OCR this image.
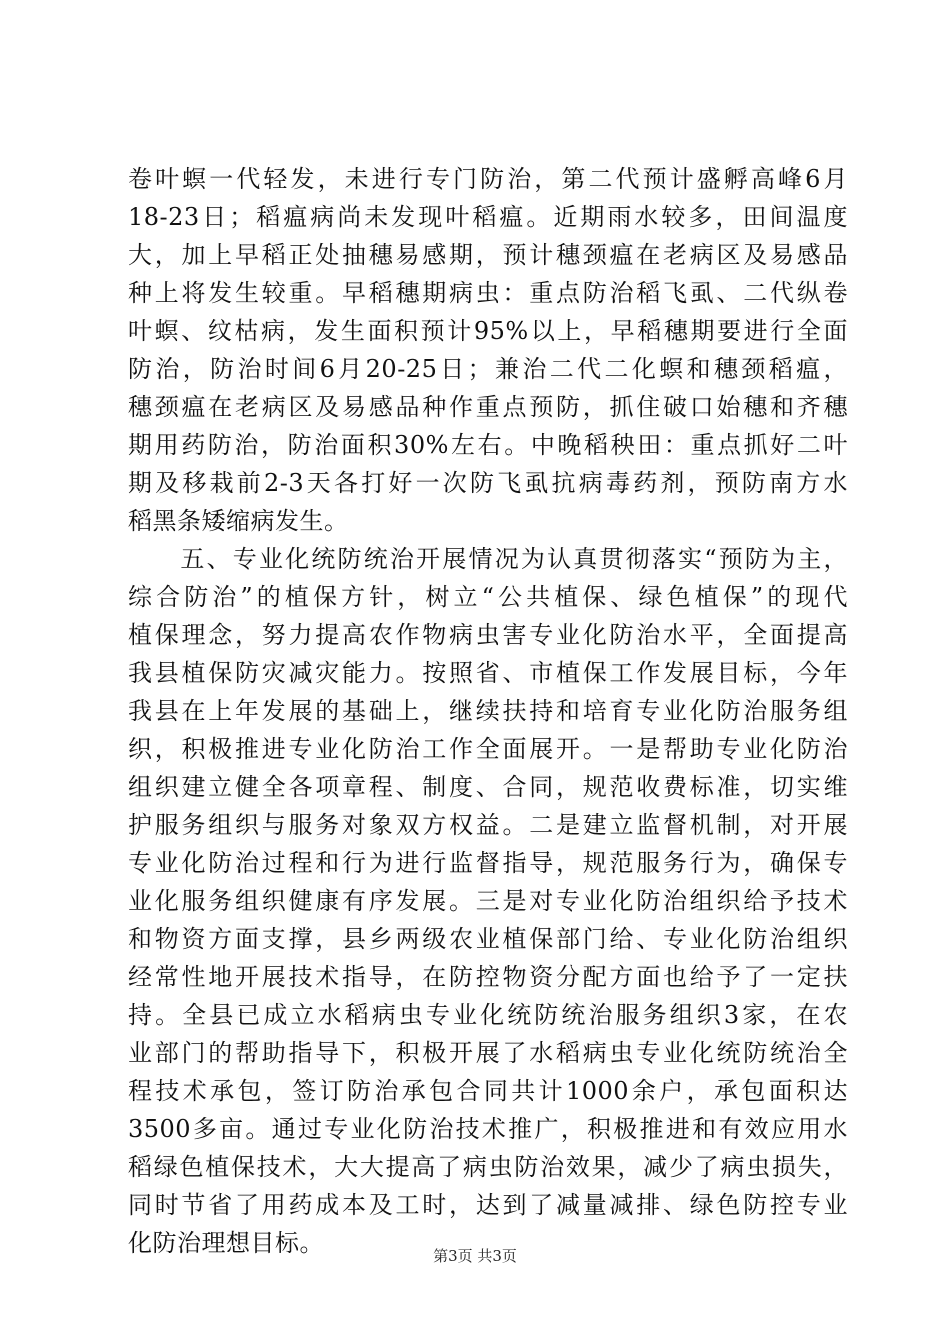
卷叶螟一代轻发，未进行专门防治，第二代预计盛孵高峰6月
18-23日；稻瘟病尚未发现叶稻瘟。近期雨水较多，田间温度
大，加上早稻正处抽穗易感期，预计穗颈瘟在老病区及易感品
种上将发生较重。早稻穗期病虫：重点防治稻飞虱、二代纵卷
叶螟、纹枯病，发生面积预计95%以上，早稻穗期要进行全面
防治，防治时间6月20-25日；兼治二代二化螟和穗颈稻瘟，
穗颈瘟在老病区及易感品种作重点预防，抓住破口始穗和齐穗
期用药防治，防治面积30%左右。中晚稻秧田：重点抓好二叶
期及移栽前2-3天各打好一次防飞虱抗病毒药剂，预防南方水
稻黑条矮缩病发生。
　　五、专业化统防统治开展情况为认真贯彻落实“预防为主，
综合防治”的植保方针，树立“公共植保、绿色植保”的现代
植保理念，努力提高农作物病虫害专业化防治水平，全面提高
我县植保防灾减灾能力。按照省、市植保工作发展目标，今年
我县在上年发展的基础上，继续扶持和培育专业化防治服务组
织，积极推进专业化防治工作全面展开。一是帮助专业化防治
组织建立健全各项章程、制度、合同，规范收费标准，切实维
护服务组织与服务对象双方权益。二是建立监督机制，对开展
专业化防治过程和行为进行监督指导，规范服务行为，确保专
业化服务组织健康有序发展。三是对专业化防治组织给予技术
和物资方面支撑，县乡两级农业植保部门给、专业化防治组织
经常性地开展技术指导，在防控物资分配方面也给予了一定扶
持。全县已成立水稻病虫专业化统防统治服务组织3家，在农
业部门的帮助指导下，积极开展了水稻病虫专业化统防统治全
程技术承包，签订防治承包合同共计1000余户，承包面积达
3500多亩。通过专业化防治技术推广，积极推进和有效应用水
稻绿色植保技术，大大提高了病虫防治效果，减少了病虫损失，
同时节省了用药成本及工时，达到了减量减排、绿色防控专业
化防治理想目标。	第3页 共3页
